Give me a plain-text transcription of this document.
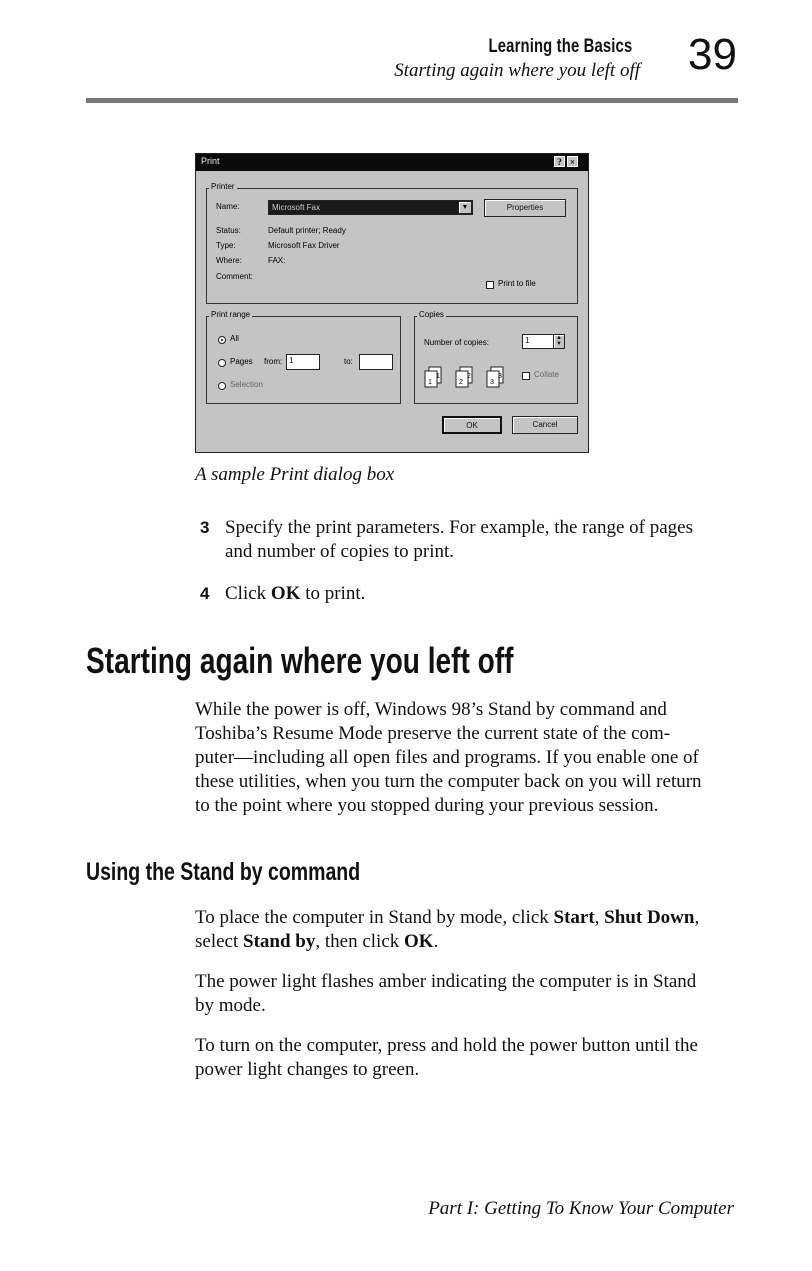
Learning the Basics
Starting again where you left off 39
Print	? ×
Printer
Name:	Microsoft Fax	▼	Properties
Status:	Default printer; Ready
Type:	Microsoft Fax Driver
Where:	FAX:
Comment:
Print to file
Print range
All
Pages from: 1	to:
Selection
Copies
Number of copies:	1	▲
▼
1
1
2
2
3
3	Collate
OK	Cancel
A sample Print dialog box
3 Specify the print parameters. For example, the range of pages
and number of copies to print.
4 Click OK to print.
Starting again where you left off
While the power is off, Windows 98’s Stand by command and
Toshiba’s Resume Mode preserve the current state of the com-
puter—including all open files and programs. If you enable one of
these utilities, when you turn the computer back on you will return
to the point where you stopped during your previous session.
Using the Stand by command
To place the computer in Stand by mode, click Start, Shut Down,
select Stand by, then click OK.
The power light flashes amber indicating the computer is in Stand
by mode.
To turn on the computer, press and hold the power button until the
power light changes to green.
Part I: Getting To Know Your Computer
